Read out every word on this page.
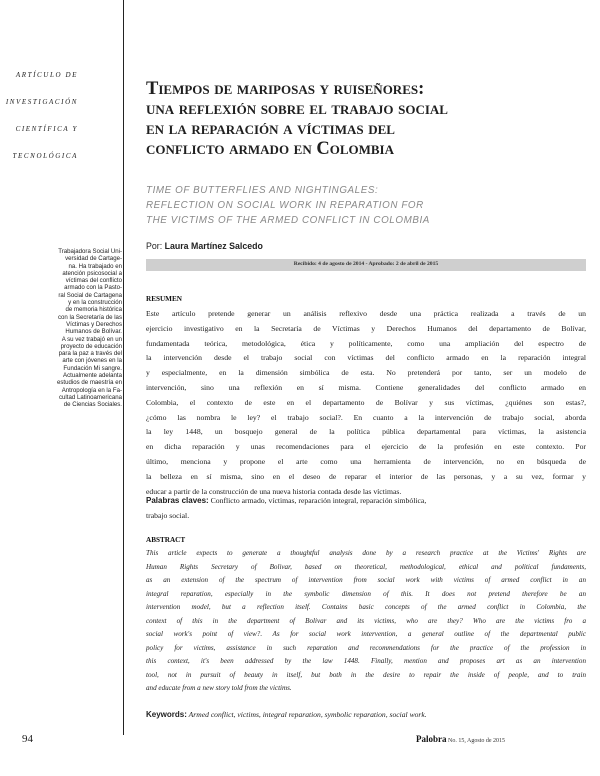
ARTÍCULO DE

INVESTIGACIÓN

CIENTÍFICA Y

TECNOLÓGICA

Trabajadora Social Uni-
versidad de Cartage-
na. Ha trabajado en
atención psicosocial a
víctimas del conflicto
armado con la Pasto-
ral Social de Cartagena
y en la construcción
de memoria histórica
con la Secretaría de las
Víctimas y Derechos
Humanos de Bolívar.
A su vez trabajó en un
proyecto de educación
para la paz a través del
arte con jóvenes en la
Fundación Mi sangre.
Actualmente adelanta
estudios de maestría en
Antropología en la Fa-
cultad Latinoamericana
de Ciencias Sociales.
Tiempos de mariposas y ruiseñores:
una reflexión sobre el trabajo social
en la reparación a víctimas del
conflicto armado en Colombia
TIME OF BUTTERFLIES AND NIGHTINGALES:
REFLECTION ON SOCIAL WORK IN REPARATION FOR
THE VICTIMS OF THE ARMED CONFLICT IN COLOMBIA
Por: Laura Martínez Salcedo
Recibido: 4 de agosto de 2014 - Aprobado: 2 de abril de 2015
RESUMEN
Este artículo pretende generar un análisis reflexivo desde una práctica realizada a través de un
ejercicio investigativo en la Secretaría de Víctimas y Derechos Humanos del departamento de Bolívar,
fundamentada teórica, metodológica, ética y políticamente, como una ampliación del espectro de
la intervención desde el trabajo social con víctimas del conflicto armado en la reparación integral
y especialmente, en la dimensión simbólica de esta. No pretenderá por tanto, ser un modelo de
intervención, sino una reflexión en sí misma. Contiene generalidades del conflicto armado en
Colombia, el contexto de este en el departamento de Bolívar y sus víctimas, ¿quiénes son estas?,
¿cómo las nombra le ley? el trabajo social?. En cuanto a la intervención de trabajo social, aborda
la ley 1448, un bosquejo general de la política pública departamental para víctimas, la asistencia
en dicha reparación y unas recomendaciones para el ejercicio de la profesión en este contexto. Por
último, menciona y propone el arte como una herramienta de intervención, no en búsqueda de
la belleza en sí misma, sino en el deseo de reparar el interior de las personas, y a su vez, formar y
educar a partir de la construcción de una nueva historia contada desde las víctimas.
Palabras claves: Conflicto armado, víctimas, reparación integral, reparación simbólica,
trabajo social.
ABSTRACT
This article expects to generate a thoughtful analysis done by a research practice at the Victims' Rights are
Human Rights Secretary of Bolivar, based on theoretical, methodological, ethical and political fundaments,
as an extension of the spectrum of intervention from social work with victims of armed conflict in an
integral reparation, especially in the symbolic dimension of this. It does not pretend therefore be an
intervention model, but a reflection itself. Contains basic concepts of the armed conflict in Colombia, the
context of this in the department of Bolivar and its victims, who are they? Who are the victims fro a
social work's point of view?. As for social work intervention, a general outline of the departmental public
policy for victims, assistance in such reparation and recommendations for the practice of the profession in
this context, it's been addressed by the law 1448. Finally, mention and proposes art as an intervention
tool, not in pursuit of beauty in itself, but both in the desire to repair the inside of people, and to train
and educate from a new story told from the victims.
Keywords: Armed conflict, victims, integral reparation, symbolic reparation, social work.
94	Palobra No. 15, Agosto de 2015
